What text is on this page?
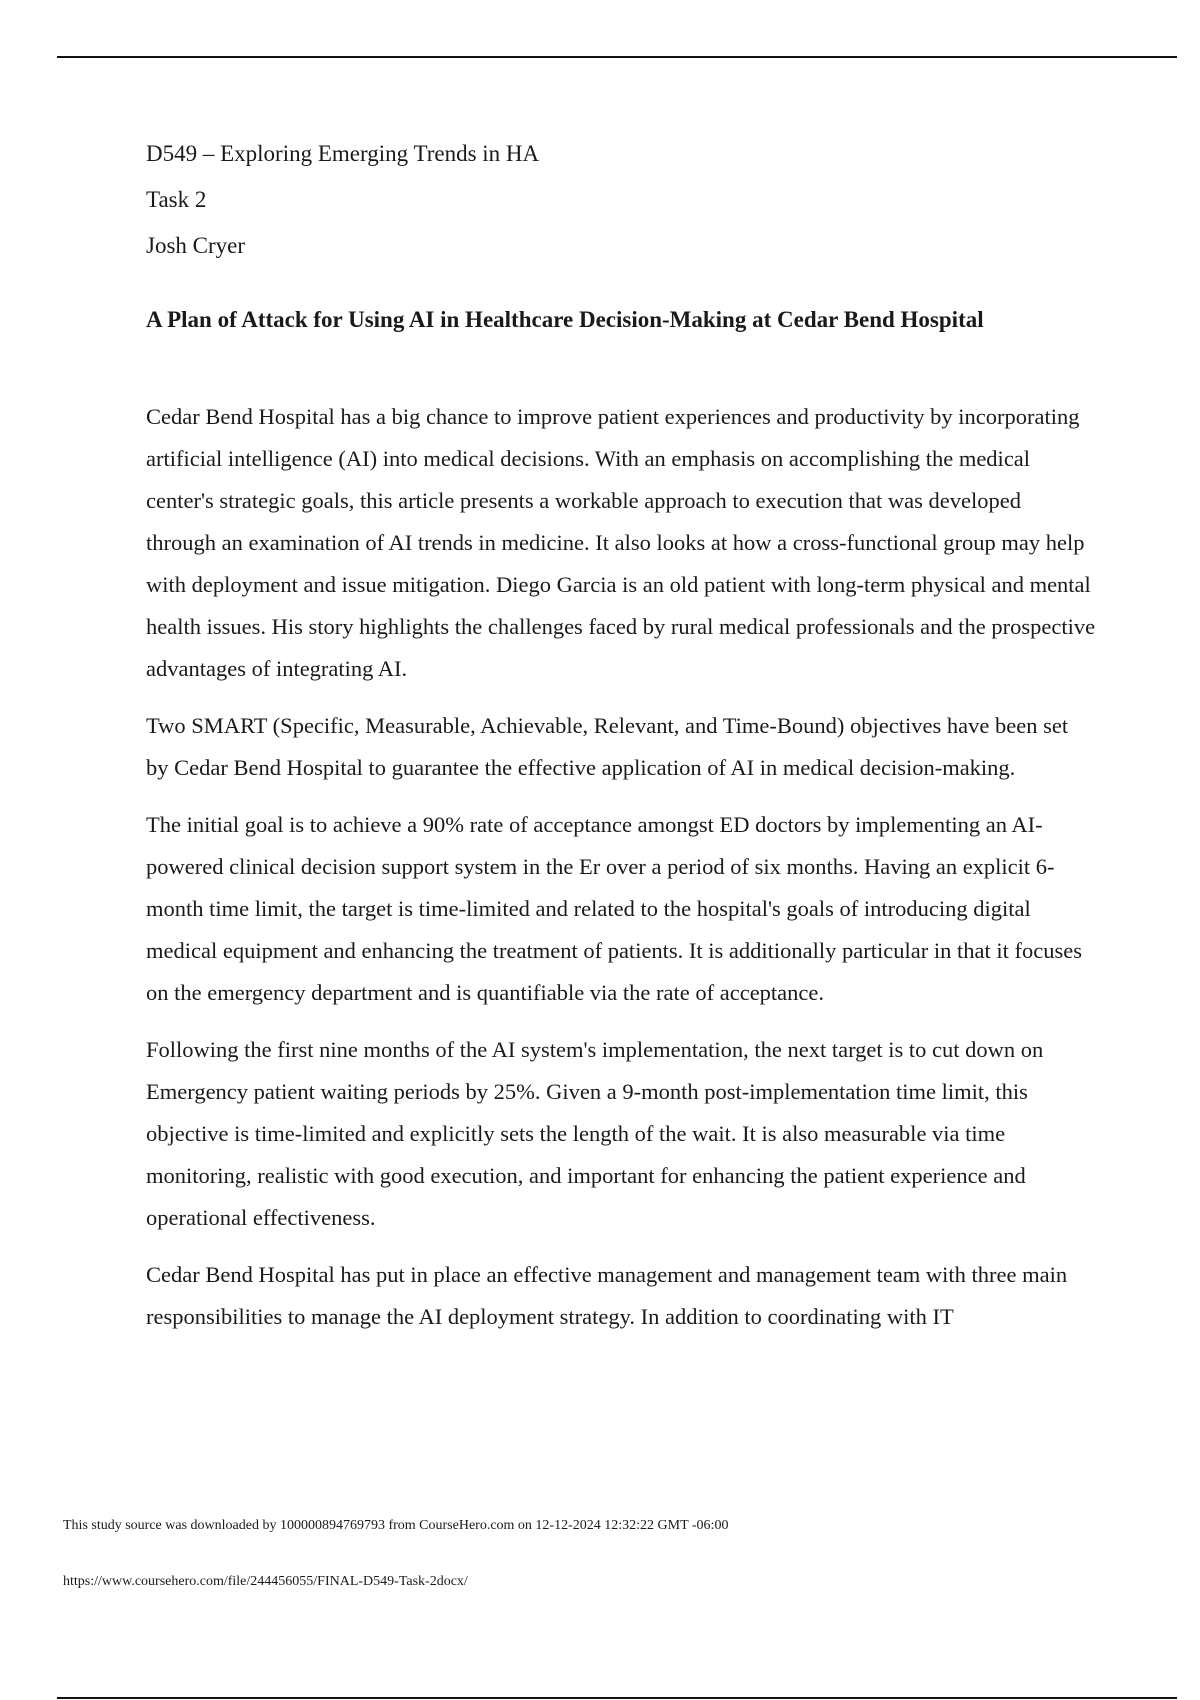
D549 – Exploring Emerging Trends in HA

Task 2

Josh Cryer

A Plan of Attack for Using AI in Healthcare Decision-Making at Cedar Bend Hospital

Cedar Bend Hospital has a big chance to improve patient experiences and productivity by incorporating artificial intelligence (AI) into medical decisions. With an emphasis on accomplishing the medical center's strategic goals, this article presents a workable approach to execution that was developed through an examination of AI trends in medicine. It also looks at how a cross-functional group may help with deployment and issue mitigation. Diego Garcia is an old patient with long-term physical and mental health issues. His story highlights the challenges faced by rural medical professionals and the prospective advantages of integrating AI.

Two SMART (Specific, Measurable, Achievable, Relevant, and Time-Bound) objectives have been set by Cedar Bend Hospital to guarantee the effective application of AI in medical decision-making.

The initial goal is to achieve a 90% rate of acceptance amongst ED doctors by implementing an AI-powered clinical decision support system in the Er over a period of six months. Having an explicit 6-month time limit, the target is time-limited and related to the hospital's goals of introducing digital medical equipment and enhancing the treatment of patients. It is additionally particular in that it focuses on the emergency department and is quantifiable via the rate of acceptance.

Following the first nine months of the AI system's implementation, the next target is to cut down on Emergency patient waiting periods by 25%. Given a 9-month post-implementation time limit, this objective is time-limited and explicitly sets the length of the wait. It is also measurable via time monitoring, realistic with good execution, and important for enhancing the patient experience and operational effectiveness.

Cedar Bend Hospital has put in place an effective management and management team with three main responsibilities to manage the AI deployment strategy. In addition to coordinating with IT

This study source was downloaded by 100000894769793 from CourseHero.com on 12-12-2024 12:32:22 GMT -06:00
https://www.coursehero.com/file/244456055/FINAL-D549-Task-2docx/
